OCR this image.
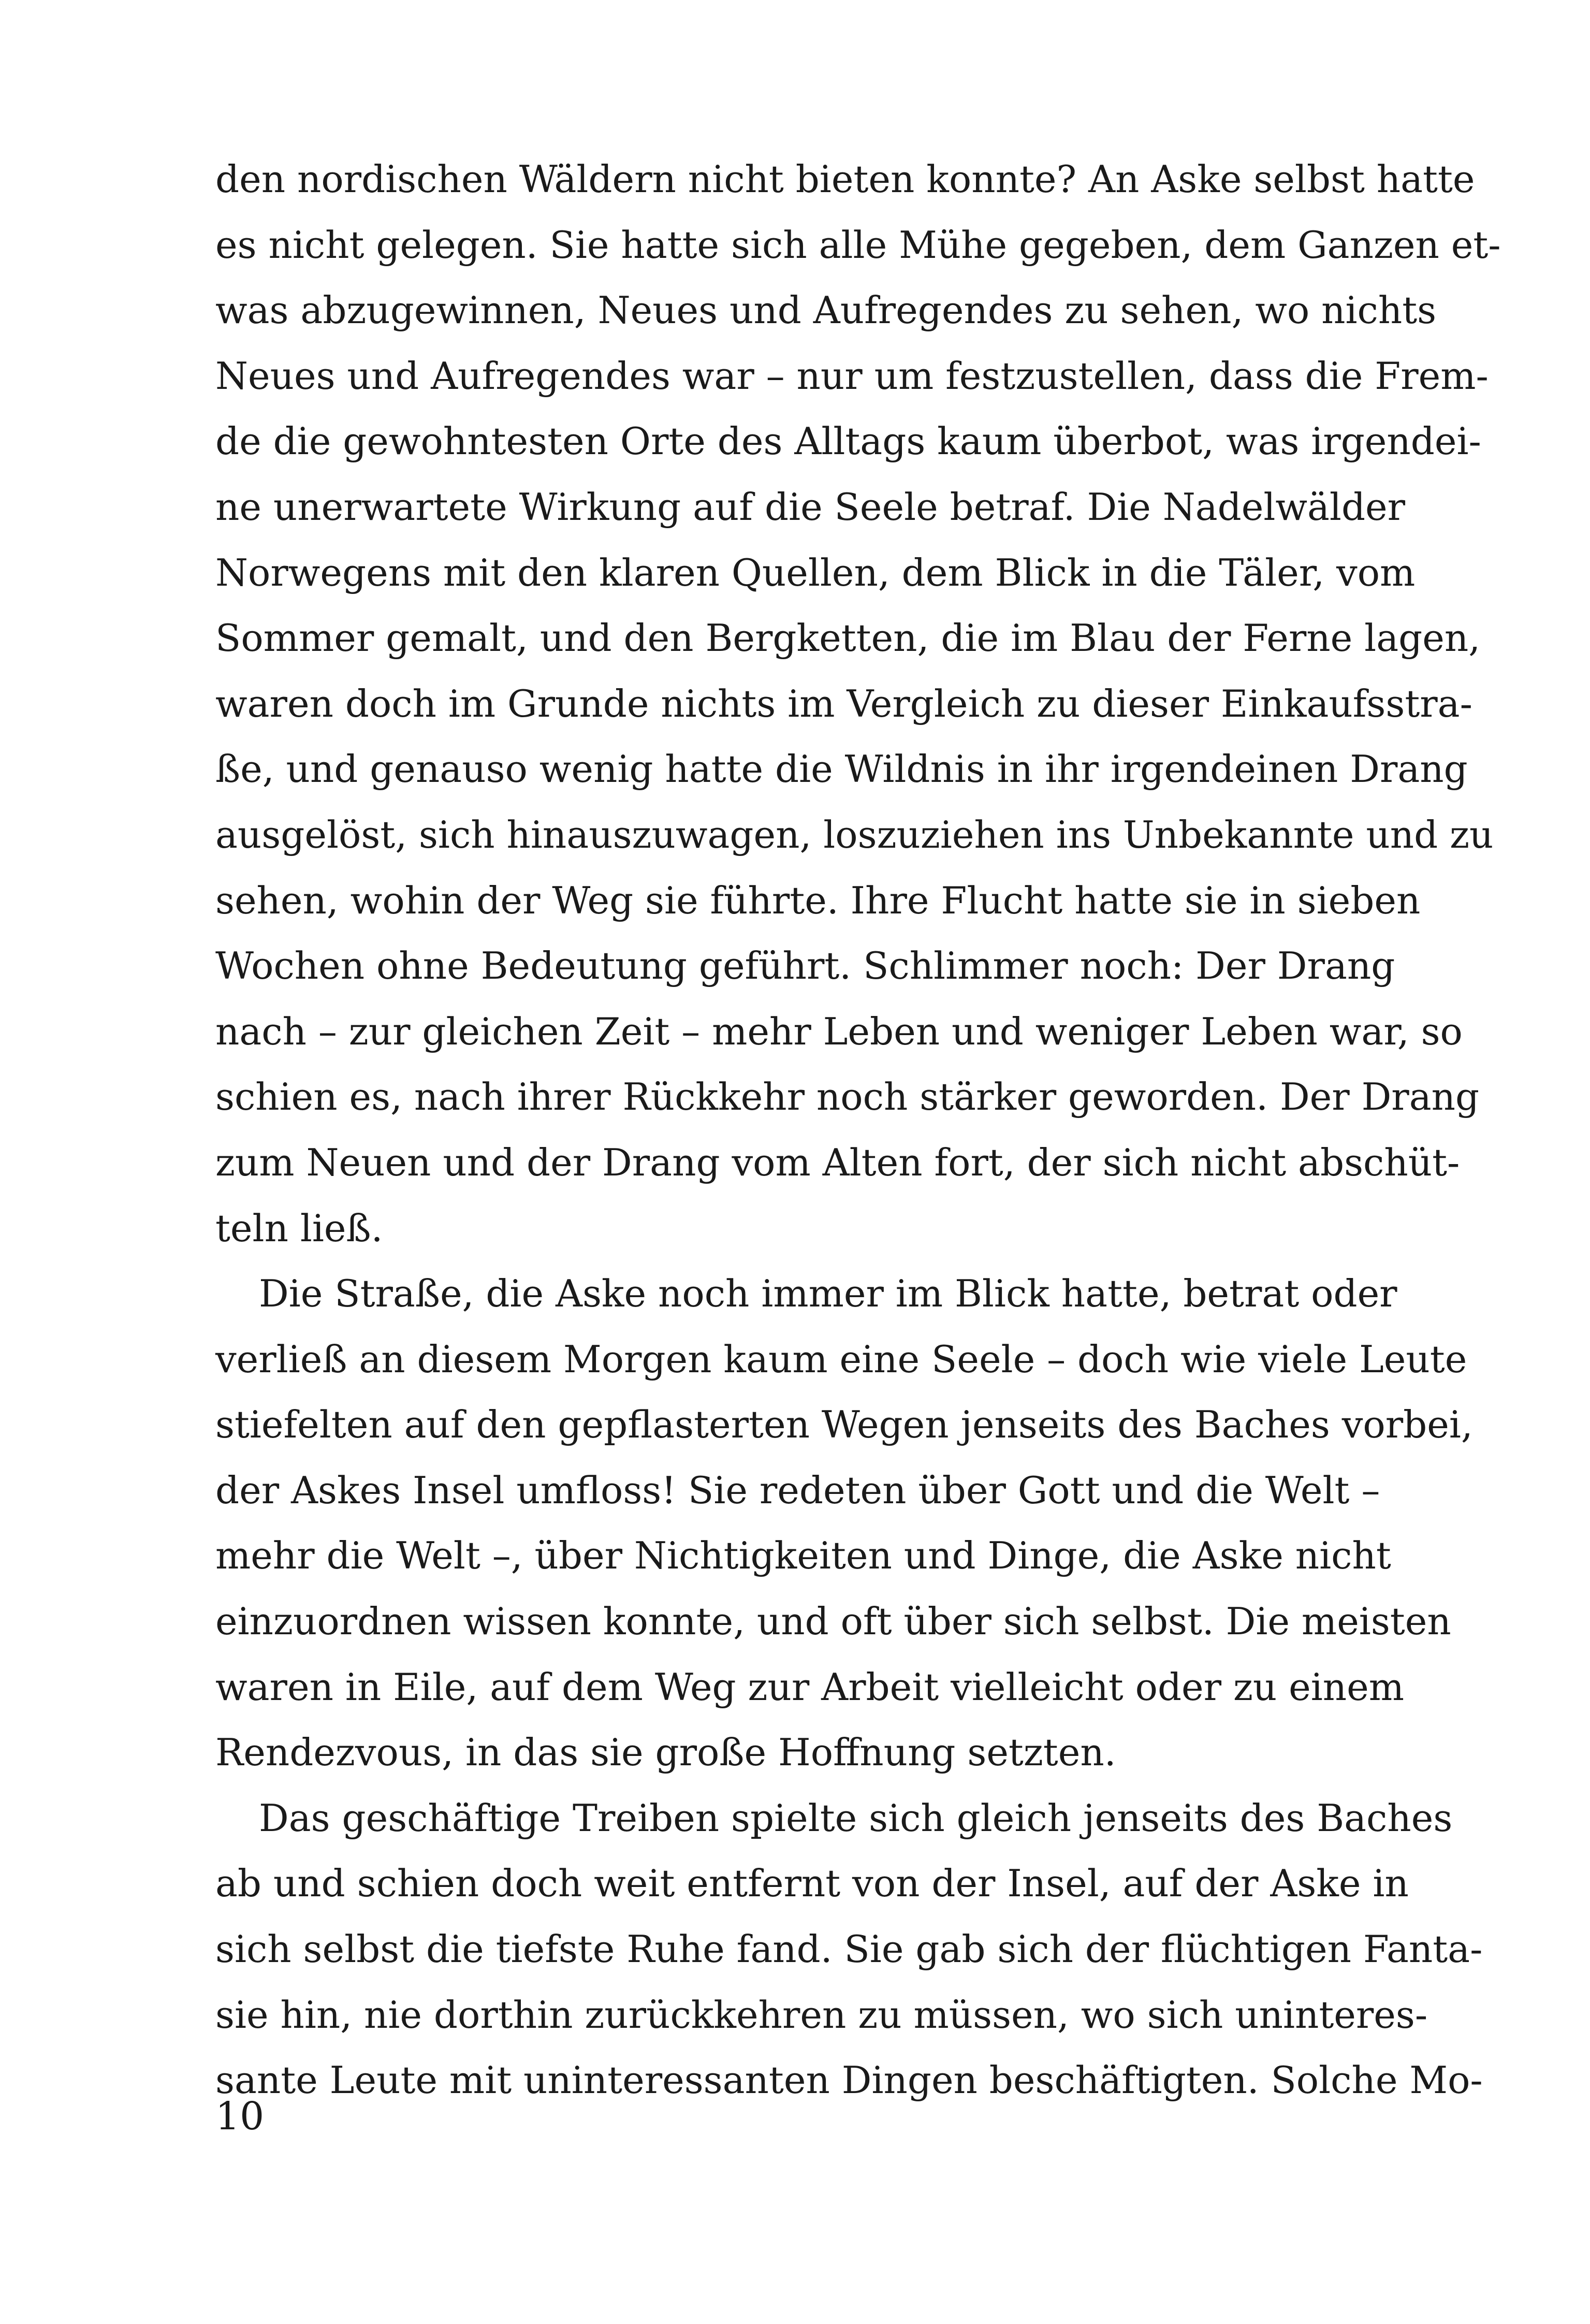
den nordischen Wäldern nicht bieten konnte? An Aske selbst hatte
es nicht gelegen. Sie hatte sich alle Mühe gegeben, dem Ganzen et-
was abzugewinnen, Neues und Aufregendes zu sehen, wo nichts
Neues und Aufregendes war – nur um festzustellen, dass die Frem-
de die gewohntesten Orte des Alltags kaum überbot, was irgendei-
ne unerwartete Wirkung auf die Seele betraf. Die Nadelwälder
Norwegens mit den klaren Quellen, dem Blick in die Täler, vom
Sommer gemalt, und den Bergketten, die im Blau der Ferne lagen,
waren doch im Grunde nichts im Vergleich zu dieser Einkaufsstra-
ße, und genauso wenig hatte die Wildnis in ihr irgendeinen Drang
ausgelöst, sich hinauszuwagen, loszuziehen ins Unbekannte und zu
sehen, wohin der Weg sie führte. Ihre Flucht hatte sie in sieben
Wochen ohne Bedeutung geführt. Schlimmer noch: Der Drang
nach – zur gleichen Zeit – mehr Leben und weniger Leben war, so
schien es, nach ihrer Rückkehr noch stärker geworden. Der Drang
zum Neuen und der Drang vom Alten fort, der sich nicht abschüt-
teln ließ.
Die Straße, die Aske noch immer im Blick hatte, betrat oder
verließ an diesem Morgen kaum eine Seele – doch wie viele Leute
stiefelten auf den gepflasterten Wegen jenseits des Baches vorbei,
der Askes Insel umfloss! Sie redeten über Gott und die Welt –
mehr die Welt –, über Nichtigkeiten und Dinge, die Aske nicht
einzuordnen wissen konnte, und oft über sich selbst. Die meisten
waren in Eile, auf dem Weg zur Arbeit vielleicht oder zu einem
Rendezvous, in das sie große Hoffnung setzten.
Das geschäftige Treiben spielte sich gleich jenseits des Baches
ab und schien doch weit entfernt von der Insel, auf der Aske in
sich selbst die tiefste Ruhe fand. Sie gab sich der flüchtigen Fanta-
sie hin, nie dorthin zurückkehren zu müssen, wo sich uninteres-
sante Leute mit uninteressanten Dingen beschäftigten. Solche Mo-
10
